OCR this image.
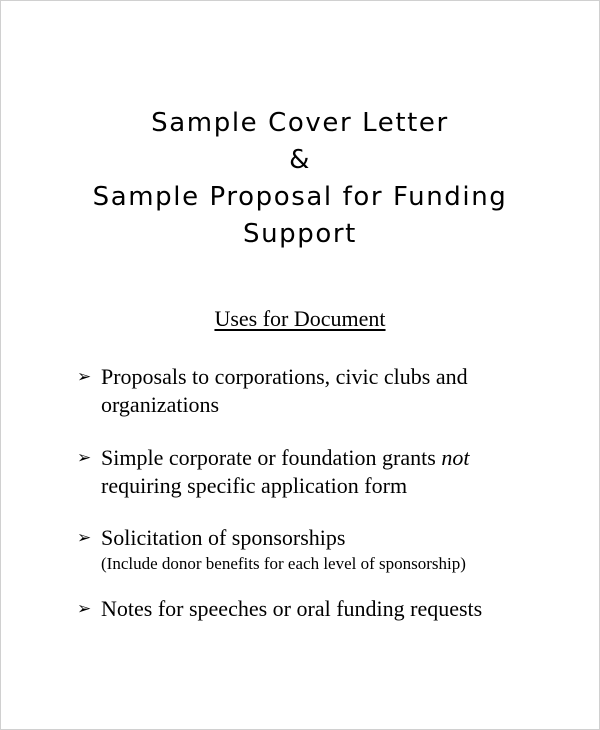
Sample Cover Letter
&
Sample Proposal for Funding
Support
Uses for Document
➢ Proposals to corporations, civic clubs and organizations
➢ Simple corporate or foundation grants not
requiring specific application form
➢ Solicitation of sponsorships
(Include donor benefits for each level of sponsorship)
➢ Notes for speeches or oral funding requests
